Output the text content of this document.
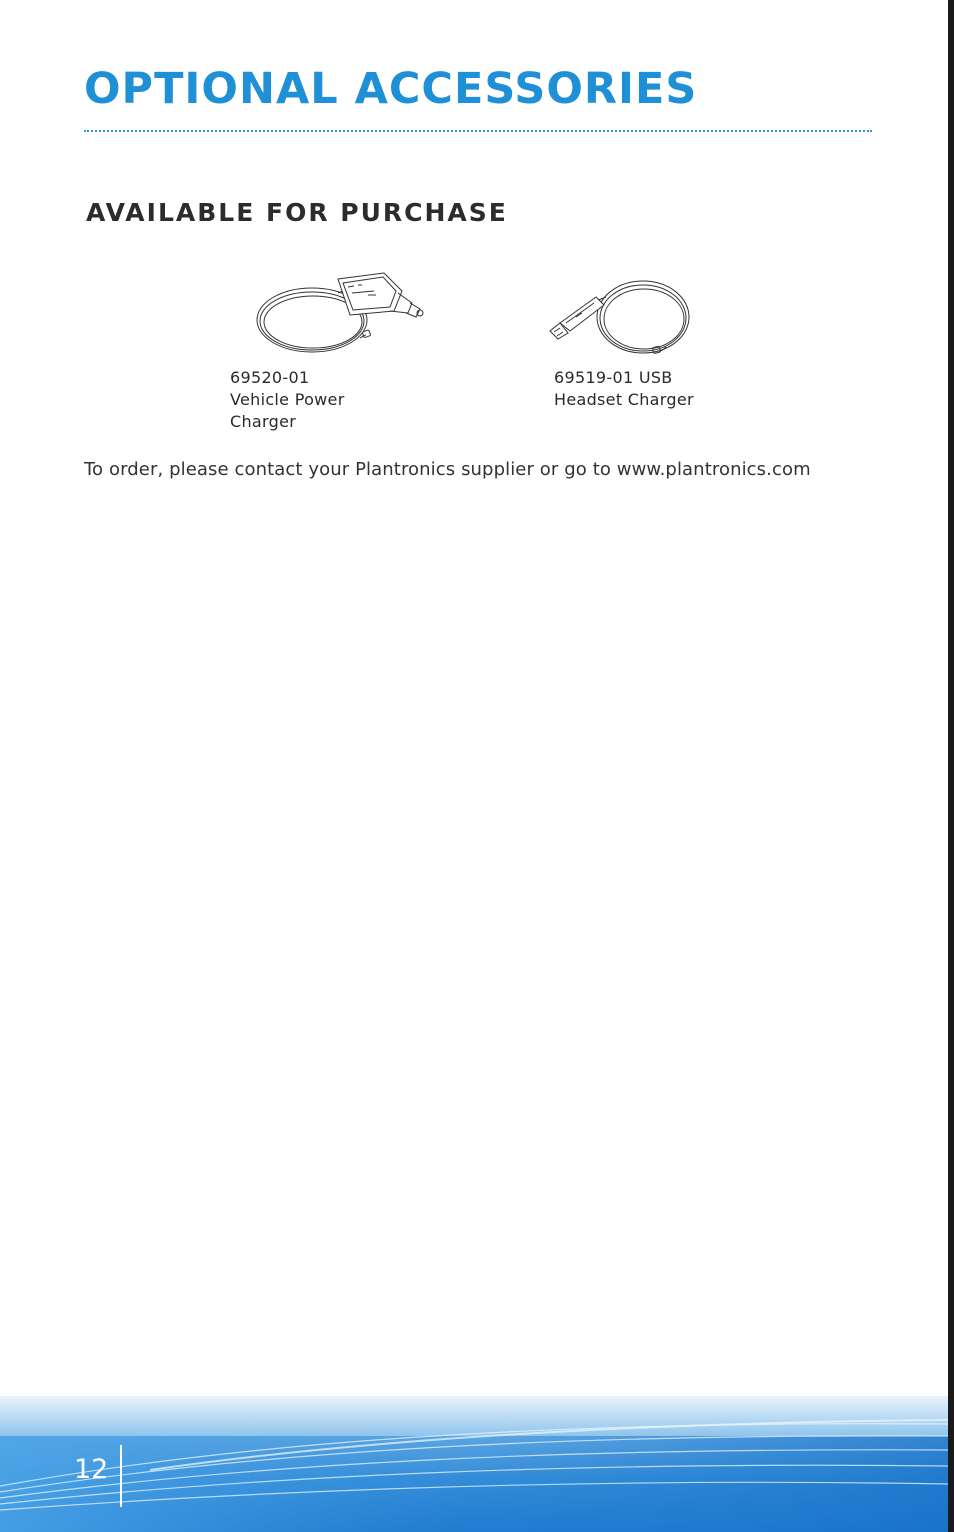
OPTIONAL ACCESSORIES
AVAILABLE FOR PURCHASE
69520-01
Vehicle Power
Charger
69519-01 USB
Headset Charger

To order, please contact your Plantronics supplier or go to www.plantronics.com

12
